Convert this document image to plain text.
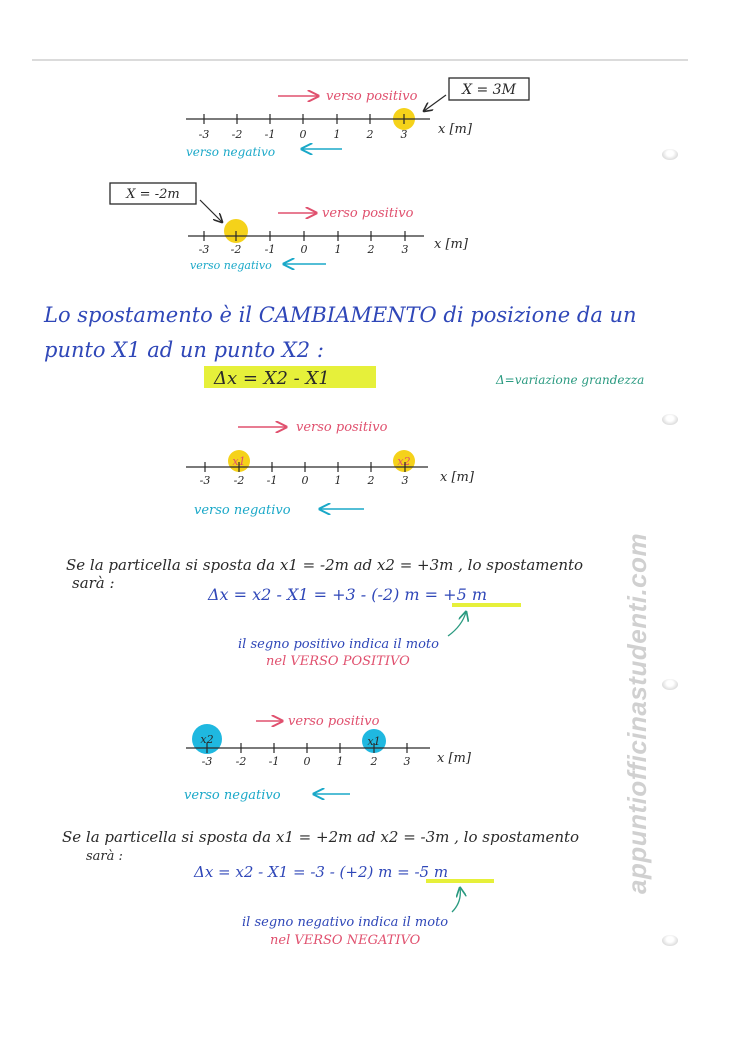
verso positivo	X = 3M
-3 -2 -1 0 1 2 3 x [m]
verso negativo
X = -2m
verso positivo
-3 -2 -1 0 1 2 3 x [m]
verso negativo
Lo spostamento è il CAMBIAMENTO di posizione da un
punto X1 ad un punto X2 :
Δx = X2 - X1	Δ=variazione grandezza
verso positivo
x1	x2
-3 -2 -1 0 1 2 3 x [m]
verso negativo
Se la particella si sposta da x1 = -2m ad x2 = +3m , lo spostamento
sarà :
Δx = x2 - X1 = +3 - (-2) m = +5 m
il segno positivo indica il moto
nel VERSO POSITIVO
verso positivo
x2	x1
-3 -2 -1 0 1 2 3 x [m]
verso negativo
Se la particella si sposta da x1 = +2m ad x2 = -3m , lo spostamento
sarà :
Δx = x2 - X1 = -3 - (+2) m = -5 m
il segno negativo indica il moto
nel VERSO NEGATIVO
appuntiofficinastudenti.com
